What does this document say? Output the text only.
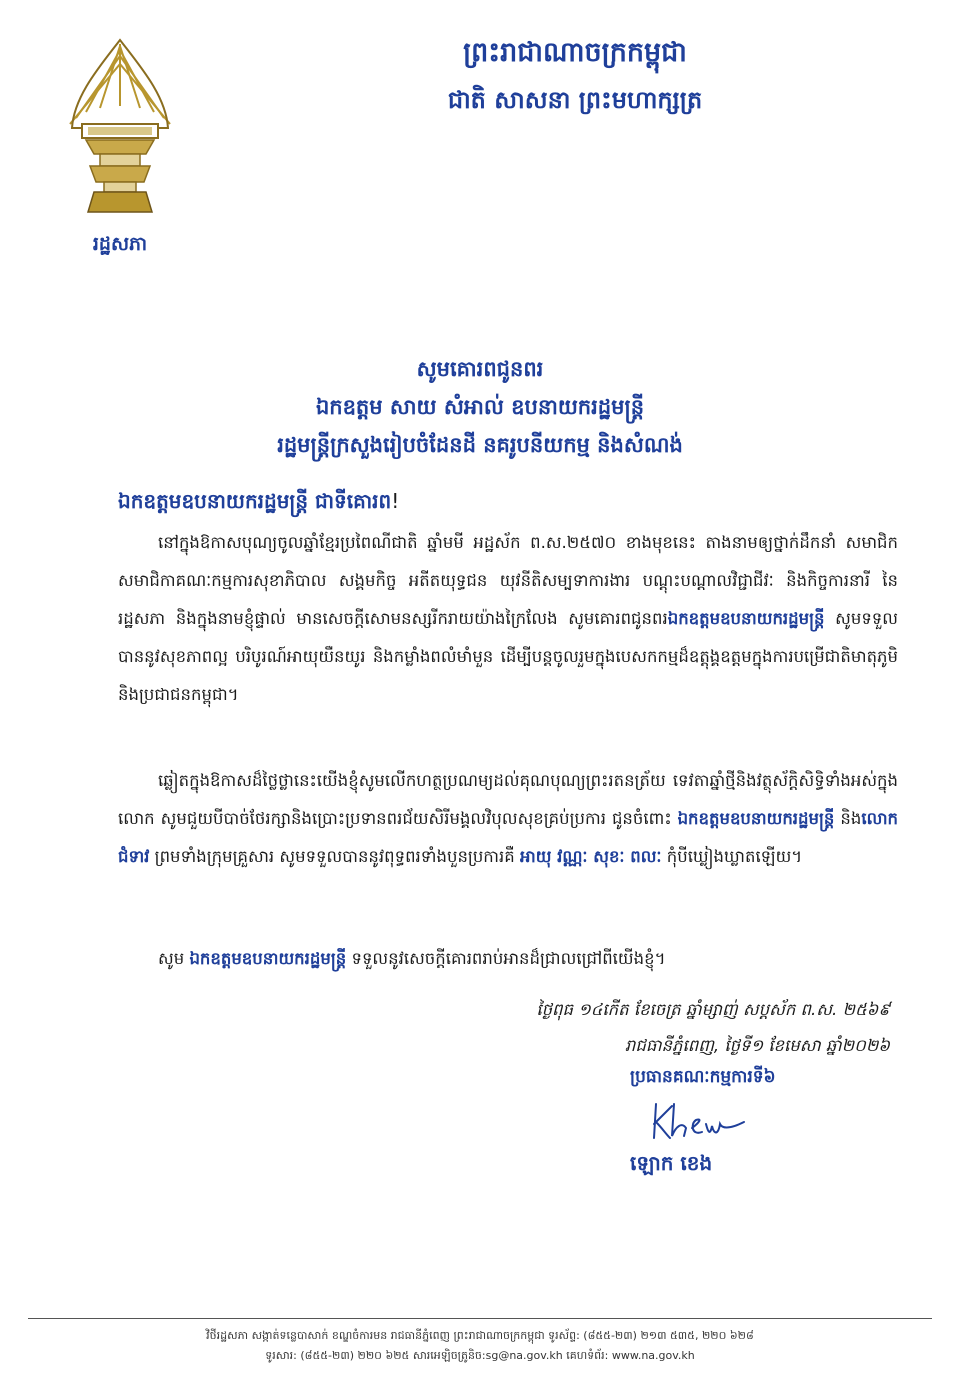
រដ្ឋសភា
ព្រះរាជាណាចក្រកម្ពុជា
ជាតិ សាសនា ព្រះមហាក្សត្រ
សូមគោរពជូនពរ
ឯកឧត្តម សាយ សំអាល់ ឧបនាយករដ្ឋមន្ត្រី
រដ្ឋមន្ត្រីក្រសួងរៀបចំដែនដី នគរូបនីយកម្ម និងសំណង់
ឯកឧត្តមឧបនាយករដ្ឋមន្ត្រី ជាទីគោរព!
នៅក្នុងឱកាសបុណ្យចូលឆ្នាំខ្មែរប្រពៃណីជាតិ ឆ្នាំមមី អដ្ឋស័ក ព.ស.២៥៧០ ខាងមុខនេះ តាងនាមឲ្យថ្នាក់ដឹកនាំ សមាជិក សមាជិកាគណៈកម្មការសុខាភិបាល សង្គមកិច្ច អតីតយុទ្ធជន យុវនីតិសម្បទាការងារ បណ្ដុះបណ្ដាលវិជ្ជាជីវៈ និងកិច្ចការនារី នៃរដ្ឋសភា និងក្នុងនាមខ្ញុំផ្ទាល់ មានសេចក្ដីសោមនស្សរីករាយយ៉ាងក្រៃលែង សូមគោរពជូនពរឯកឧត្តមឧបនាយករដ្ឋមន្ត្រី សូមទទួលបាននូវសុខភាពល្អ បរិបូរណ៍អាយុយឺនយូរ និងកម្លាំងពលំមាំមួន ដើម្បីបន្តចូលរួមក្នុងបេសកកម្មដ៏ឧត្តុង្គឧត្តមក្នុងការបម្រើជាតិមាតុភូមិ និងប្រជាជនកម្ពុជា។
ឆ្លៀតក្នុងឱកាសដ៏ថ្លៃថ្លានេះយើងខ្ញុំសូមលើកហត្ថប្រណម្យដល់គុណបុណ្យព្រះរតនត្រ័យ ទេវតាឆ្នាំថ្មីនិងវត្ថុស័ក្ដិសិទ្ធិទាំងអស់ក្នុងលោក សូមជួយបីបាច់ថែរក្សានិងប្រោះប្រទានពរជ័យសិរីមង្គលវិបុលសុខគ្រប់ប្រការ ជូនចំពោះ ឯកឧត្តមឧបនាយករដ្ឋមន្ត្រី និងលោកជំទាវ ព្រមទាំងក្រុមគ្រួសារ សូមទទួលបាននូវពុទ្ធពរទាំងបួនប្រការគឺ អាយុ វណ្ណៈ សុខៈ ពលៈ កុំបីឃ្លៀងឃ្លាតឡើយ។
សូម ឯកឧត្តមឧបនាយករដ្ឋមន្ត្រី ទទួលនូវសេចក្ដីគោរពរាប់អានដ៏ជ្រាលជ្រៅពីយើងខ្ញុំ។
ថ្ងៃពុធ ១៤កើត ខែចេត្រ ឆ្នាំម្សាញ់ សប្តស័ក ព.ស. ២៥៦៩
រាជធានីភ្នំពេញ, ថ្ងៃទី១ ខែមេសា ឆ្នាំ២០២៦
ប្រធានគណៈកម្មការទី៦
ឡោក ខេង
វិថីរដ្ឋសភា សង្កាត់ទន្លេបាសាក់ ខណ្ឌចំការមន រាជធានីភ្នំពេញ ព្រះរាជាណាចក្រកម្ពុជា ទូរស័ព្ទ: (៨៥៥-២៣) ២១៣ ៥៣៥, ២២០ ៦២៨
ទូរសារ: (៨៥៥-២៣) ២២០ ៦២៥ សារអេឡិចត្រូនិច:sg@na.gov.kh គេហទំព័រ: www.na.gov.kh
